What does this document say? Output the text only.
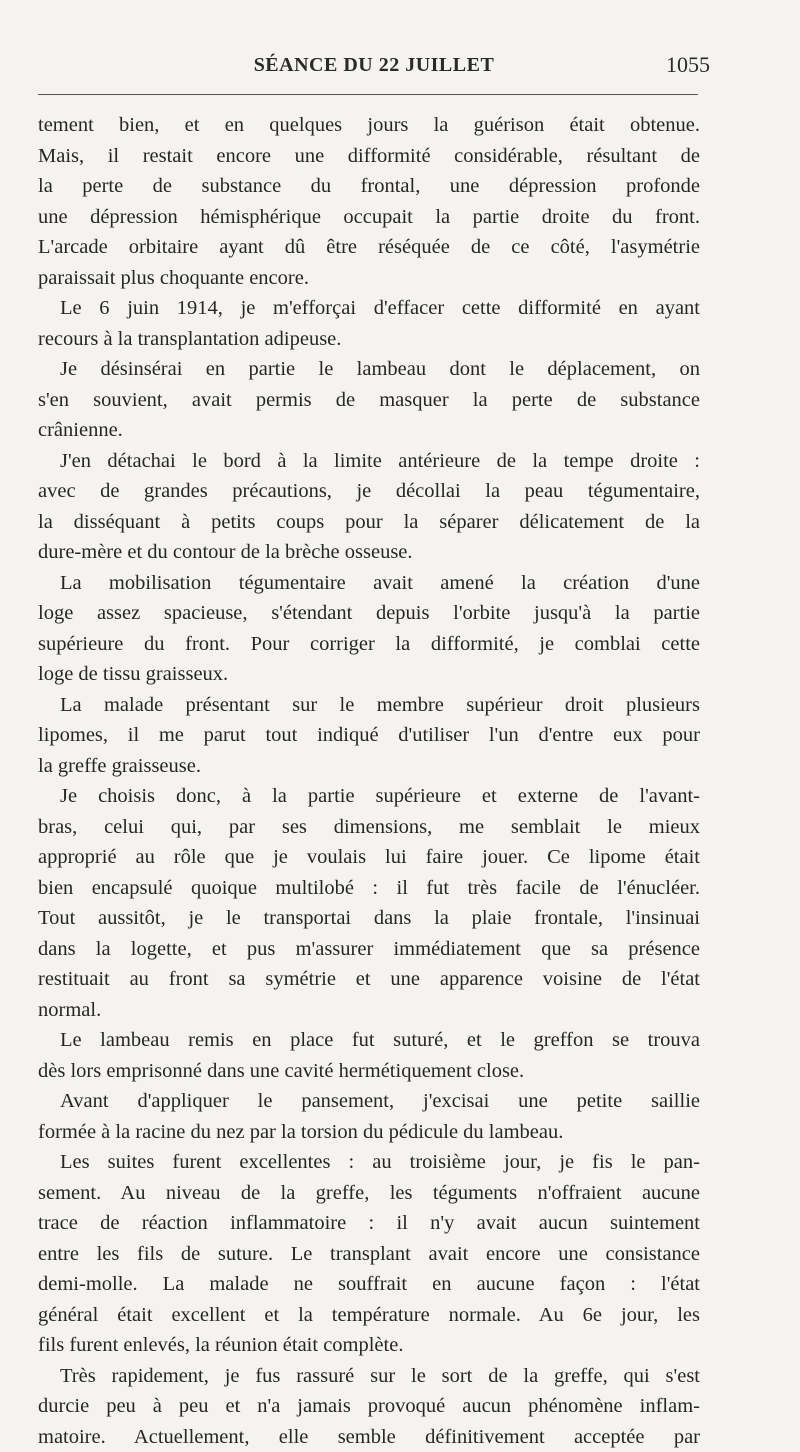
SÉANCE DU 22 JUILLET	1055
tement bien, et en quelques jours la guérison était obtenue.
Mais, il restait encore une difformité considérable, résultant de
la perte de substance du frontal, une dépression profonde
une dépression hémisphérique occupait la partie droite du front.
L'arcade orbitaire ayant dû être réséquée de ce côté, l'asymétrie
paraissait plus choquante encore.
Le 6 juin 1914, je m'efforçai d'effacer cette difformité en ayant
recours à la transplantation adipeuse.
Je désinsérai en partie le lambeau dont le déplacement, on
s'en souvient, avait permis de masquer la perte de substance
crânienne.
J'en détachai le bord à la limite antérieure de la tempe droite :
avec de grandes précautions, je décollai la peau tégumentaire,
la disséquant à petits coups pour la séparer délicatement de la
dure-mère et du contour de la brèche osseuse.
La mobilisation tégumentaire avait amené la création d'une
loge assez spacieuse, s'étendant depuis l'orbite jusqu'à la partie
supérieure du front. Pour corriger la difformité, je comblai cette
loge de tissu graisseux.
La malade présentant sur le membre supérieur droit plusieurs
lipomes, il me parut tout indiqué d'utiliser l'un d'entre eux pour
la greffe graisseuse.
Je choisis donc, à la partie supérieure et externe de l'avant-
bras, celui qui, par ses dimensions, me semblait le mieux
approprié au rôle que je voulais lui faire jouer. Ce lipome était
bien encapsulé quoique multilobé : il fut très facile de l'énucléer.
Tout aussitôt, je le transportai dans la plaie frontale, l'insinuai
dans la logette, et pus m'assurer immédiatement que sa présence
restituait au front sa symétrie et une apparence voisine de l'état
normal.
Le lambeau remis en place fut suturé, et le greffon se trouva
dès lors emprisonné dans une cavité hermétiquement close.
Avant d'appliquer le pansement, j'excisai une petite saillie
formée à la racine du nez par la torsion du pédicule du lambeau.
Les suites furent excellentes : au troisième jour, je fis le pan-
sement. Au niveau de la greffe, les téguments n'offraient aucune
trace de réaction inflammatoire : il n'y avait aucun suintement
entre les fils de suture. Le transplant avait encore une consistance
demi-molle. La malade ne souffrait en aucune façon : l'état
général était excellent et la température normale. Au 6e jour, les
fils furent enlevés, la réunion était complète.
Très rapidement, je fus rassuré sur le sort de la greffe, qui s'est
durcie peu à peu et n'a jamais provoqué aucun phénomène inflam-
matoire. Actuellement, elle semble définitivement acceptée par
